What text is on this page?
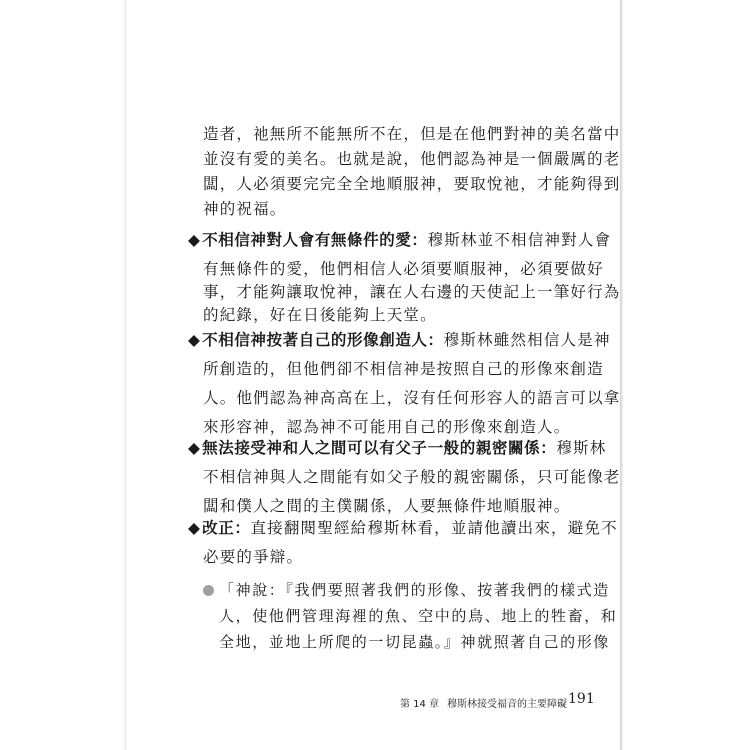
造者，祂無所不能無所不在，但是在他們對神的美名當中
並沒有愛的美名。也就是說，他們認為神是一個嚴厲的老
闆，人必須要完完全全地順服神，要取悅祂，才能夠得到
神的祝福。
◆不相信神對人會有無條件的愛：穆斯林並不相信神對人會
有無條件的愛，他們相信人必須要順服神，必須要做好
事，才能夠讓取悅神，讓在人右邊的天使記上一筆好行為
的紀錄，好在日後能夠上天堂。
◆不相信神按著自己的形像創造人：穆斯林雖然相信人是神
所創造的，但他們卻不相信神是按照自己的形像來創造
人。他們認為神高高在上，沒有任何形容人的語言可以拿
來形容神，認為神不可能用自己的形像來創造人。
◆無法接受神和人之間可以有父子一般的親密關係：穆斯林
不相信神與人之間能有如父子般的親密關係，只可能像老
闆和僕人之間的主僕關係，人要無條件地順服神。
◆改正：直接翻閱聖經給穆斯林看，並請他讀出來，避免不
必要的爭辯。
「神說：『我們要照著我們的形像、按著我們的樣式造
人，使他們管理海裡的魚、空中的鳥、地上的牲畜，和
全地，並地上所爬的一切昆蟲。』神就照著自己的形像
第 14 章 穆斯林接受福音的主要障礙 191
